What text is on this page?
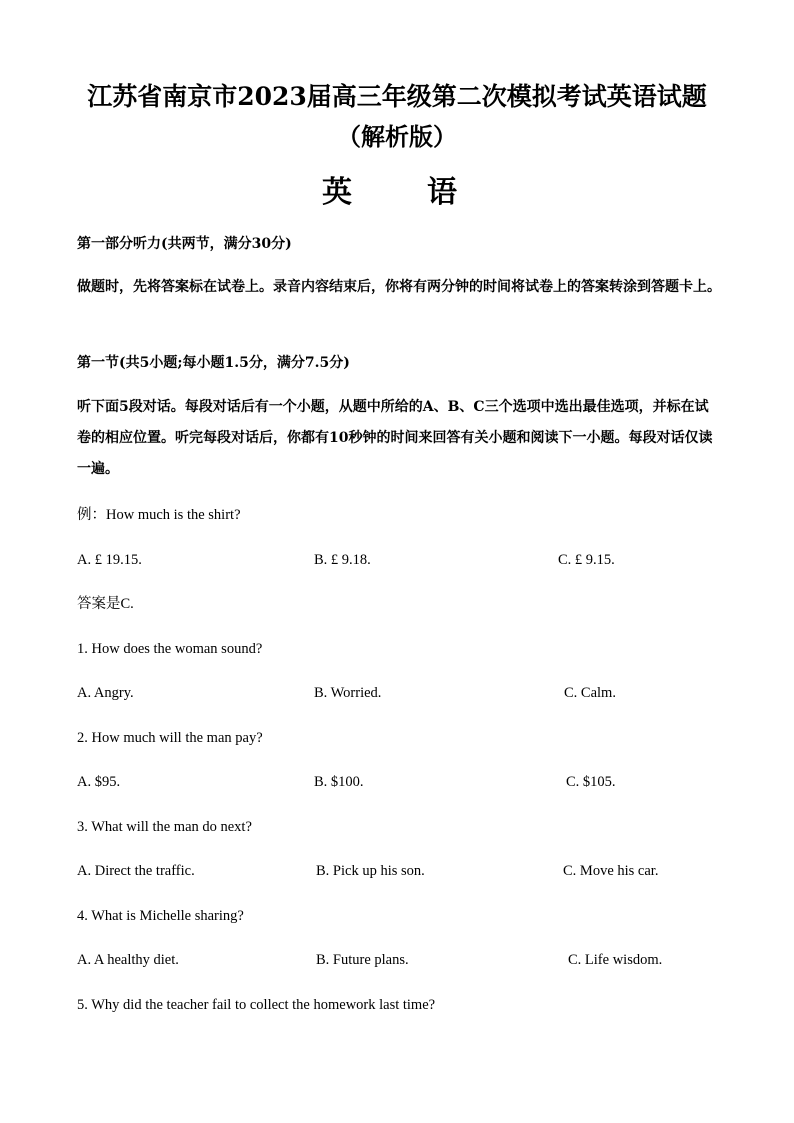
江苏省南京市2023届高三年级第二次模拟考试英语试题
（解析版）
英	语
第一部分听力(共两节，满分30分)
做题时，先将答案标在试卷上。录音内容结束后，你将有两分钟的时间将试卷上的答案转涂到答题卡上。
第一节(共5小题;每小题1.5分，满分7.5分)
听下面5段对话。每段对话后有一个小题，从题中所给的A、B、C三个选项中选出最佳选项，并标在试卷的相应位置。听完每段对话后，你都有10秒钟的时间来回答有关小题和阅读下一小题。每段对话仅读一遍。
例：How much is the shirt?
A. £ 19.15.	B. £ 9.18.	C. £ 9.15.
答案是C.
1. How does the woman sound?
A. Angry.	B. Worried.	C. Calm.
2. How much will the man pay?
A. $95.	B. $100.	C. $105.
3. What will the man do next?
A. Direct the traffic.	B. Pick up his son.	C. Move his car.
4. What is Michelle sharing?
A. A healthy diet.	B. Future plans.	C. Life wisdom.
5. Why did the teacher fail to collect the homework last time?
